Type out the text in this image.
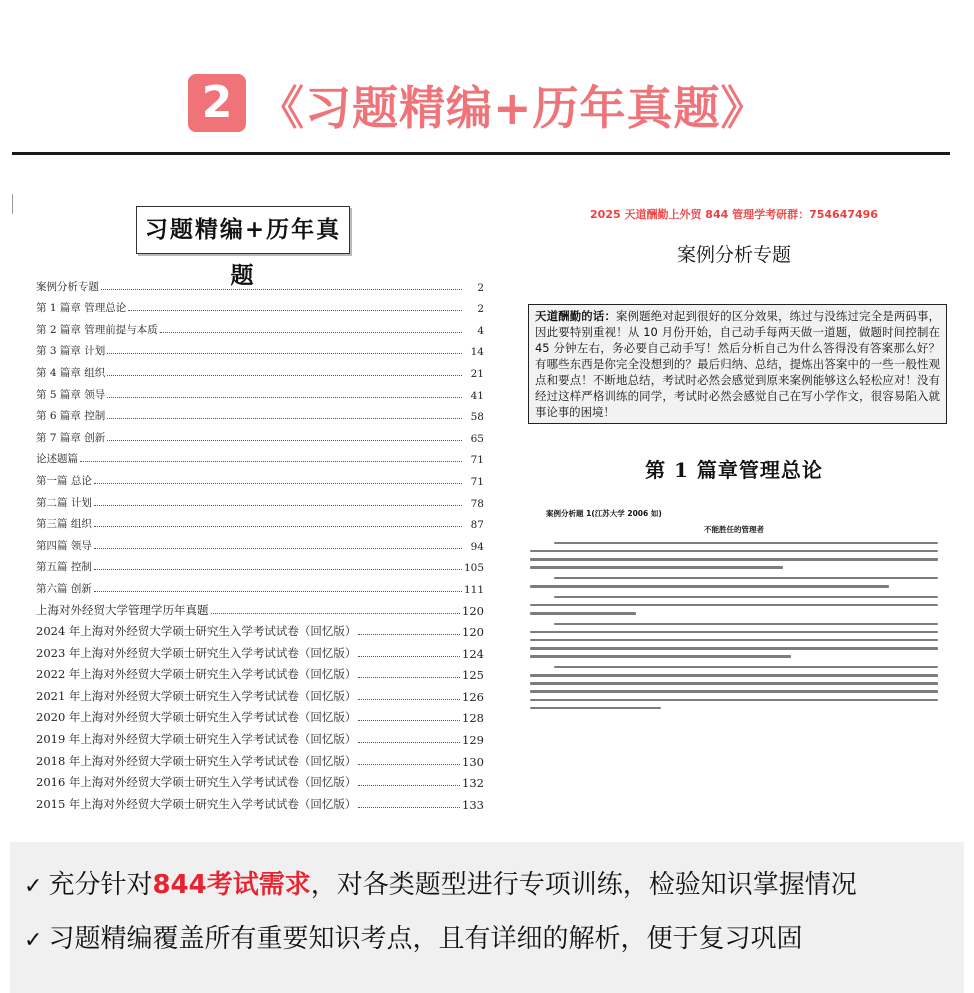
2 《习题精编+历年真题》
习题精编+历年真题
案例分析专题	2
第 1 篇章 管理总论	2
第 2 篇章 管理前提与本质	4
第 3 篇章 计划	14
第 4 篇章 组织	21
第 5 篇章 领导	41
第 6 篇章 控制	58
第 7 篇章 创新	65
论述题篇	71
第一篇 总论	71
第二篇 计划	78
第三篇 组织	87
第四篇 领导	94
第五篇 控制	105
第六篇 创新	111
上海对外经贸大学管理学历年真题	120
2024 年上海对外经贸大学硕士研究生入学考试试卷（回忆版）	120
2023 年上海对外经贸大学硕士研究生入学考试试卷（回忆版）	124
2022 年上海对外经贸大学硕士研究生入学考试试卷（回忆版）	125
2021 年上海对外经贸大学硕士研究生入学考试试卷（回忆版）	126
2020 年上海对外经贸大学硕士研究生入学考试试卷（回忆版）	128
2019 年上海对外经贸大学硕士研究生入学考试试卷（回忆版）	129
2018 年上海对外经贸大学硕士研究生入学考试试卷（回忆版）	130
2016 年上海对外经贸大学硕士研究生入学考试试卷（回忆版）	132
2015 年上海对外经贸大学硕士研究生入学考试试卷（回忆版）	133
2025 天道酬勤上外贸 844 管理学考研群：754647496
案例分析专题
天道酬勤的话：案例题绝对起到很好的区分效果，练过与没练过完全是两码事，因此要特别重视！从 10 月份开始，自己动手每两天做一道题，做题时间控制在 45 分钟左右，务必要自己动手写！然后分析自己为什么答得没有答案那么好？有哪些东西是你完全没想到的？最后归纳、总结，提炼出答案中的一些一般性观点和要点！不断地总结，考试时必然会感觉到原来案例能够这么轻松应对！没有经过这样严格训练的同学，考试时必然会感觉自己在写小学作文，很容易陷入就事论事的困境！
第 1 篇章管理总论
案例分析题 1(江苏大学 2006 如)
不能胜任的管理者
✓ 充分针对844考试需求，对各类题型进行专项训练，检验知识掌握情况
✓ 习题精编覆盖所有重要知识考点，且有详细的解析，便于复习巩固
